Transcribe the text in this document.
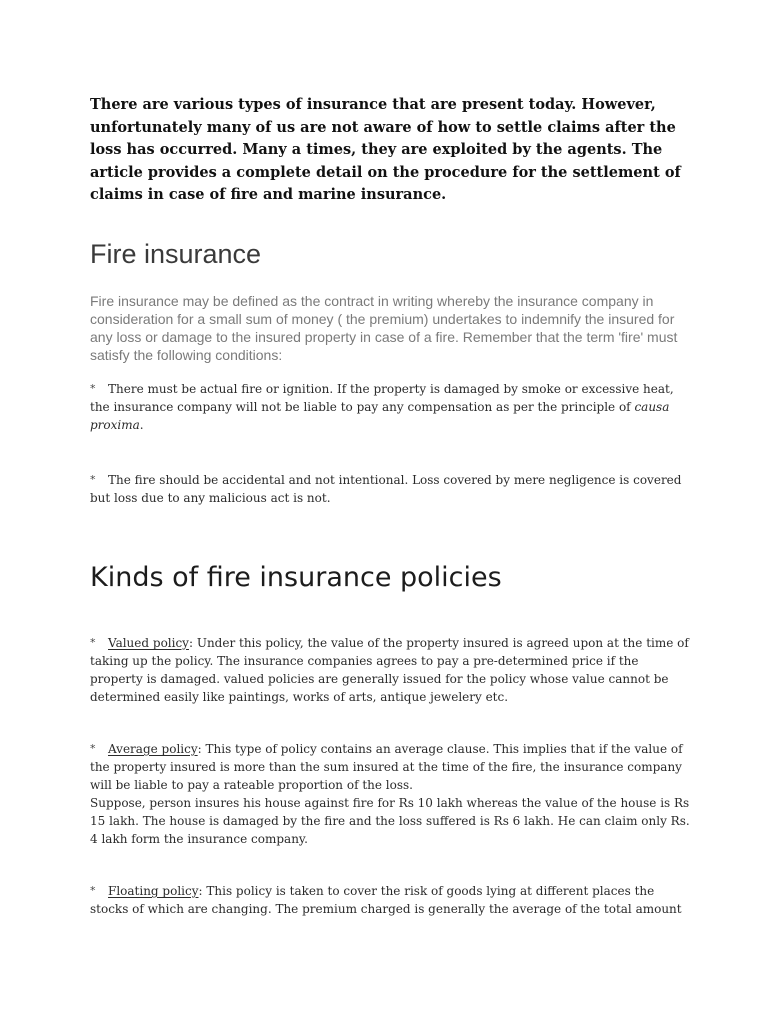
There are various types of insurance that are present today. However, unfortunately many of us are not aware of how to settle claims after the loss has occurred. Many a times, they are exploited by the agents. The article provides a complete detail on the procedure for the settlement of claims in case of fire and marine insurance.

Fire insurance

Fire insurance may be defined as the contract in writing whereby the insurance company in consideration for a small sum of money ( the premium) undertakes to indemnify the insured for any loss or damage to the insured property in case of a fire. Remember that the term 'fire' must satisfy the following conditions:

* There must be actual fire or ignition. If the property is damaged by smoke or excessive heat, the insurance company will not be liable to pay any compensation as per the principle of causa proxima.
* The fire should be accidental and not intentional. Loss covered by mere negligence is covered but loss due to any malicious act is not.
Kinds of fire insurance policies
* Valued policy: Under this policy, the value of the property insured is agreed upon at the time of taking up the policy. The insurance companies agrees to pay a pre-determined price if the property is damaged. valued policies are generally issued for the policy whose value cannot be determined easily like paintings, works of arts, antique jewelery etc.
* Average policy: This type of policy contains an average clause. This implies that if the value of the property insured is more than the sum insured at the time of the fire, the insurance company will be liable to pay a rateable proportion of the loss.
Suppose, person insures his house against fire for Rs 10 lakh whereas the value of the house is Rs 15 lakh. The house is damaged by the fire and the loss suffered is Rs 6 lakh. He can claim only Rs. 4 lakh form the insurance company.
* Floating policy: This policy is taken to cover the risk of goods lying at different places the stocks of which are changing. The premium charged is generally the average of the total amount
